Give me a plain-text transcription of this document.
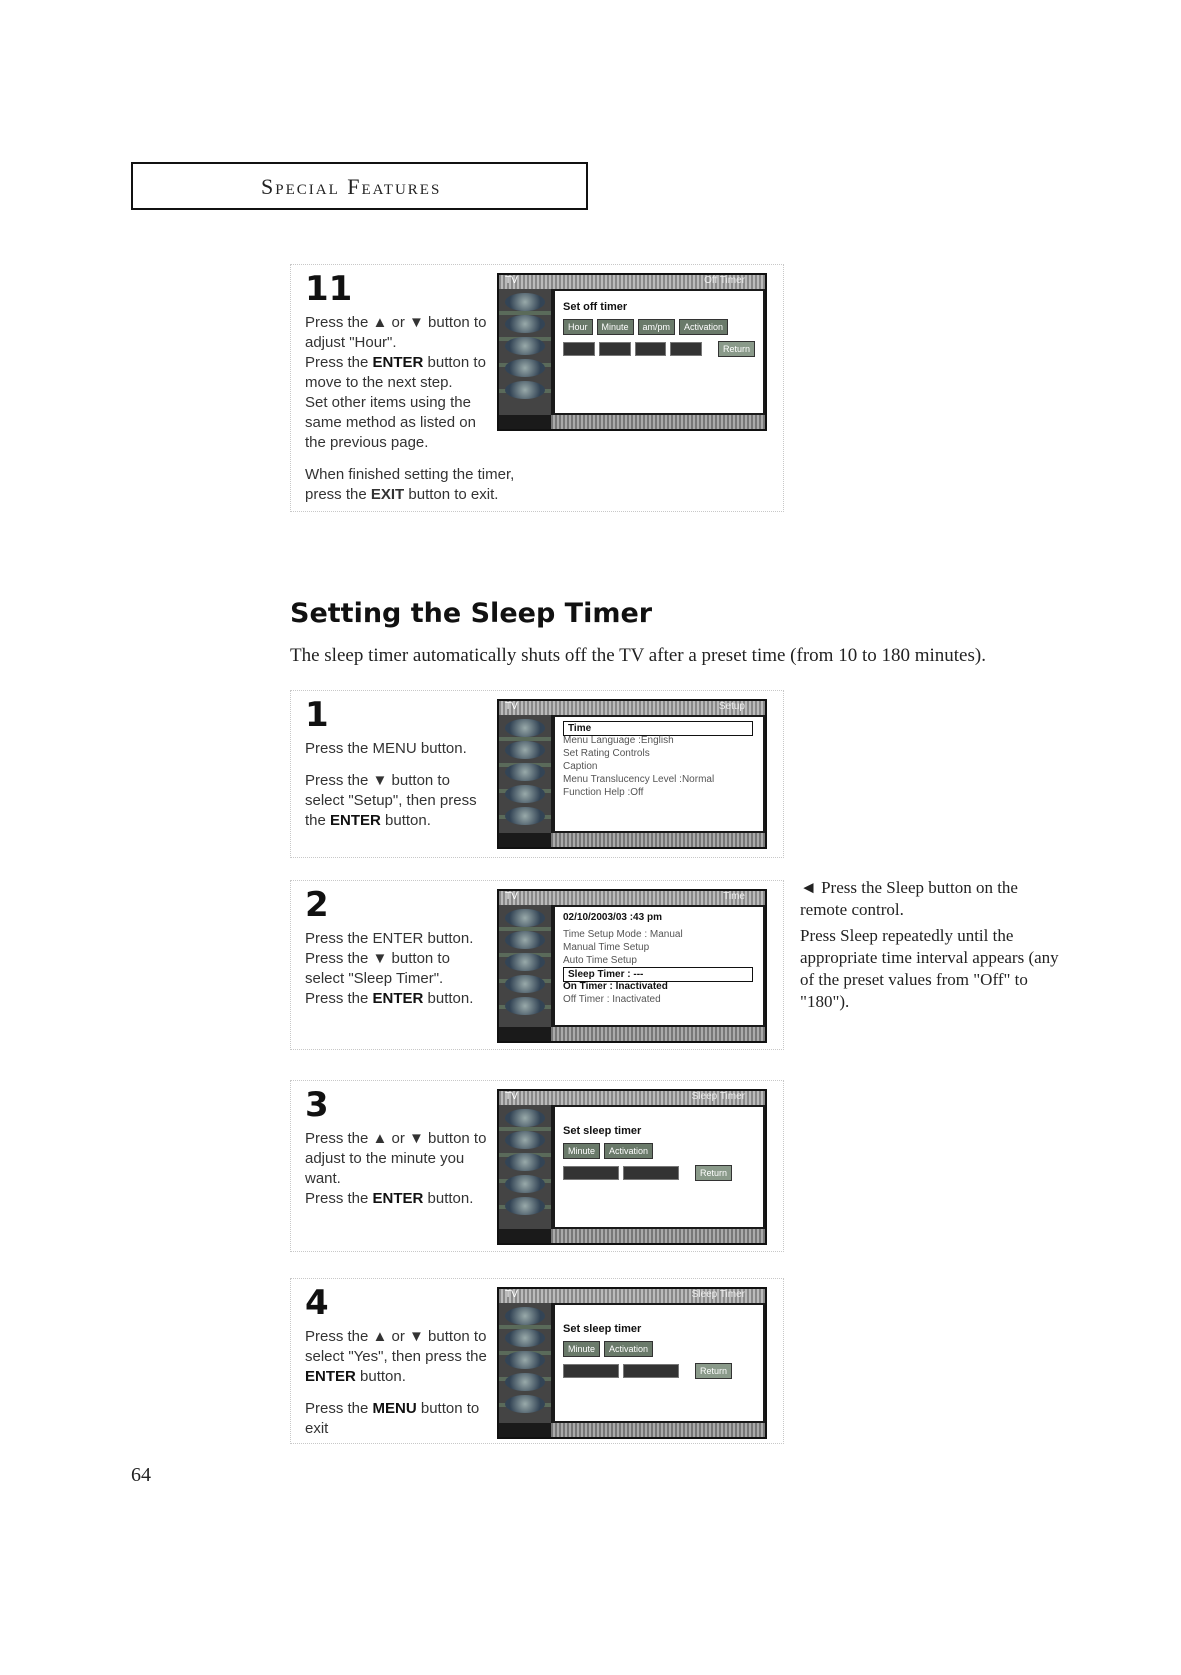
Special Features
11

Press the ▲ or ▼ button to

adjust "Hour".

Press the ENTER button to

move to the next step.

Set other items using the

same method as listed on

the previous page.

When finished setting the timer,
press the EXIT button to exit.
TV	Off Timer
Set off timer
Hour	Minute	am/pm	Activation
Return
Setting the Sleep Timer
The sleep timer automatically shuts off the TV after a preset time (from 10 to 180 minutes).
1

Press the MENU button.

Press the ▼ button to

select "Setup", then press

the ENTER button.

TV	Setup
Time
Menu Language :English
Set Rating Controls
Caption
Menu Translucency Level :Normal
Function Help :Off
2

Press the ENTER button.

Press the ▼ button to

select "Sleep Timer".

Press the ENTER button.

TV	Time
02/10/2003/03 :43 pm
Time Setup Mode : Manual
Manual Time Setup
Auto Time Setup
Sleep Timer : ---
On Timer : Inactivated
Off Timer : Inactivated

◄ Press the Sleep button on the remote control.

Press Sleep repeatedly until the appropriate time interval appears (any of the preset values from "Off" to "180").

3

Press the ▲ or ▼ button to

adjust to the minute you

want.

Press the ENTER button.

TV	Sleep Timer
Set sleep timer
Minute	Activation
Return
4

Press the ▲ or ▼ button to

select "Yes", then press the

ENTER button.

Press the MENU button to

exit

TV	Sleep Timer
Set sleep timer
Minute	Activation
Return
64
